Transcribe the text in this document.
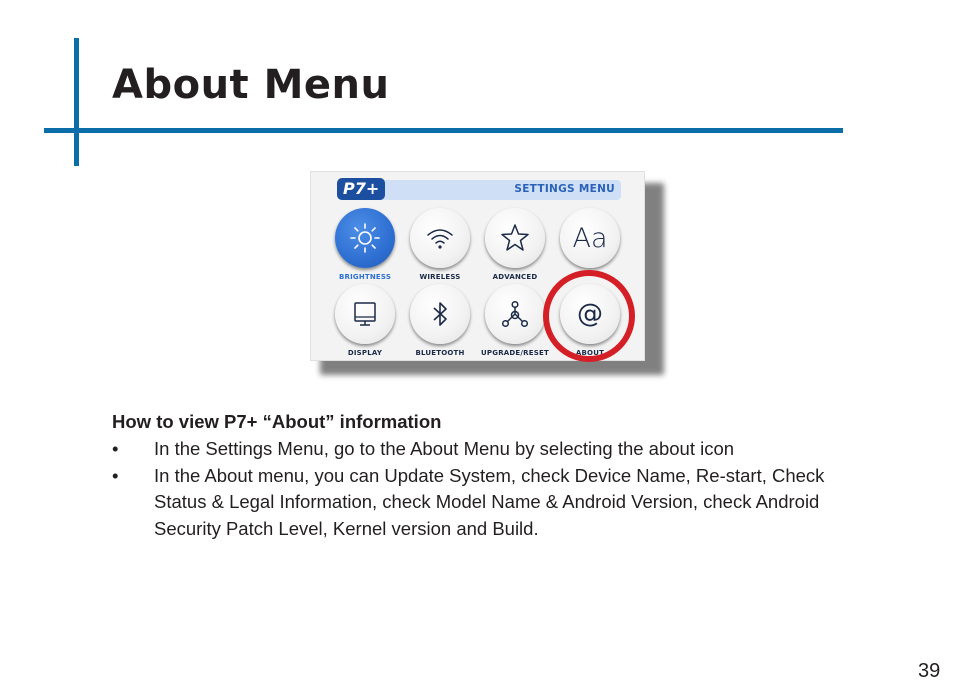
About Menu
P7+	SETTINGS MENU
BRIGHTNESS	WIRELESS	ADVANCED
Aa
DISPLAY	BLUETOOTH	UPGRADE/RESET
@
ABOUT
How to view P7+ “About” information
• In the Settings Menu, go to the About Menu by selecting the about icon
• In the About menu, you can Update System, check Device Name, Re-start, Check Status & Legal Information, check Model Name & Android Version, check Android Security Patch Level, Kernel version and Build.
39
